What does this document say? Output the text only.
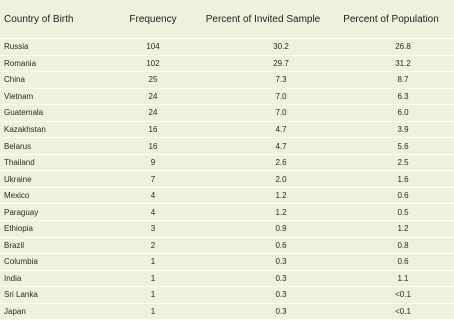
Country of Birth	Frequency	Percent of Invited Sample	Percent of Population
Russia	104	30.2	26.8
Romania	102	29.7	31.2
China	25	7.3	8.7
Vietnam	24	7.0	6.3
Guatemala	24	7.0	6.0
Kazakhstan	16	4.7	3.9
Belarus	16	4.7	5.6
Thailand	9	2.6	2.5
Ukraine	7	2.0	1.6
Mexico	4	1.2	0.6
Paraguay	4	1.2	0.5
Ethiopia	3	0.9	1.2
Brazil	2	0.6	0.8
Columbia	1	0.3	0.6
India	1	0.3	1.1
Sri Lanka	1	0.3	<0.1
Japan	1	0.3	<0.1
